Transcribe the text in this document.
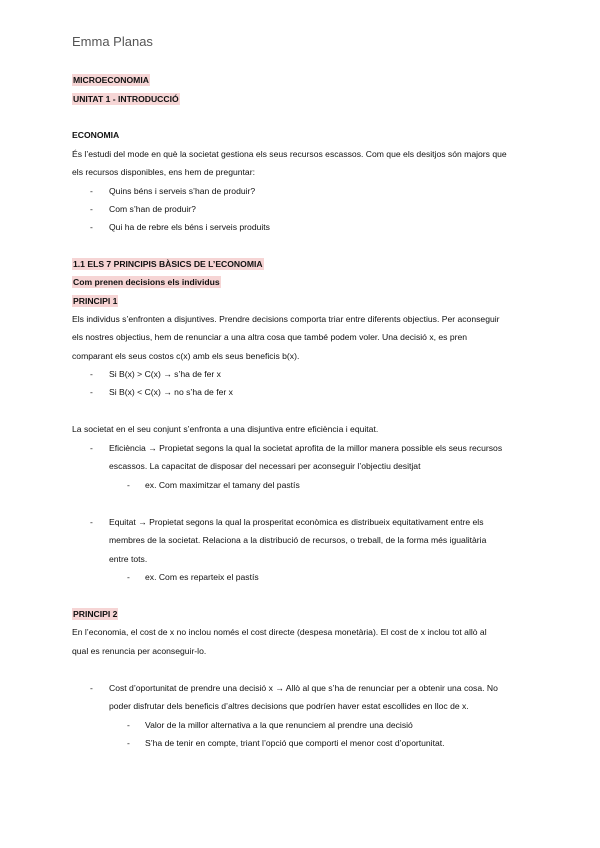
Emma Planas
MICROECONOMIA
UNITAT 1 - INTRODUCCIÓ
ECONOMIA
És l’estudi del mode en què la societat gestiona els seus recursos escassos. Com que els desitjos són majors que
els recursos disponibles, ens hem de preguntar:
- Quins béns i serveis s’han de produir?
- Com s’han de produir?
- Qui ha de rebre els béns i serveis produits
1.1 ELS 7 PRINCIPIS BÀSICS DE L’ECONOMIA
Com prenen decisions els individus
PRINCIPI 1
Els individus s’enfronten a disjuntives. Prendre decisions comporta triar entre diferents objectius. Per aconseguir
els nostres objectius, hem de renunciar a una altra cosa que també podem voler. Una decisió x, es pren
comparant els seus costos c(x) amb els seus beneficis b(x).
- Si B(x) > C(x) → s’ha de fer x
- Si B(x) < C(x) → no s’ha de fer x
La societat en el seu conjunt s’enfronta a una disjuntiva entre eficiència i equitat.
- Eficiència → Propietat segons la qual la societat aprofita de la millor manera possible els seus recursos
escassos. La capacitat de disposar del necessari per aconseguir l’objectiu desitjat
- ex. Com maximitzar el tamany del pastís
- Equitat → Propietat segons la qual la prosperitat econòmica es distribueix equitativament entre els
membres de la societat. Relaciona a la distribució de recursos, o treball, de la forma més igualitària
entre tots.
- ex. Com es reparteix el pastís
PRINCIPI 2
En l’economia, el cost de x no inclou només el cost directe (despesa monetària). El cost de x inclou tot allò al
qual es renuncia per aconseguir-lo.
- Cost d’oportunitat de prendre una decisió x → Allò al que s’ha de renunciar per a obtenir una cosa. No
poder disfrutar dels beneficis d’altres decisions que podríen haver estat escollides en lloc de x.
- Valor de la millor alternativa a la que renunciem al prendre una decisió
- S’ha de tenir en compte, triant l’opció que comporti el menor cost d’oportunitat.
